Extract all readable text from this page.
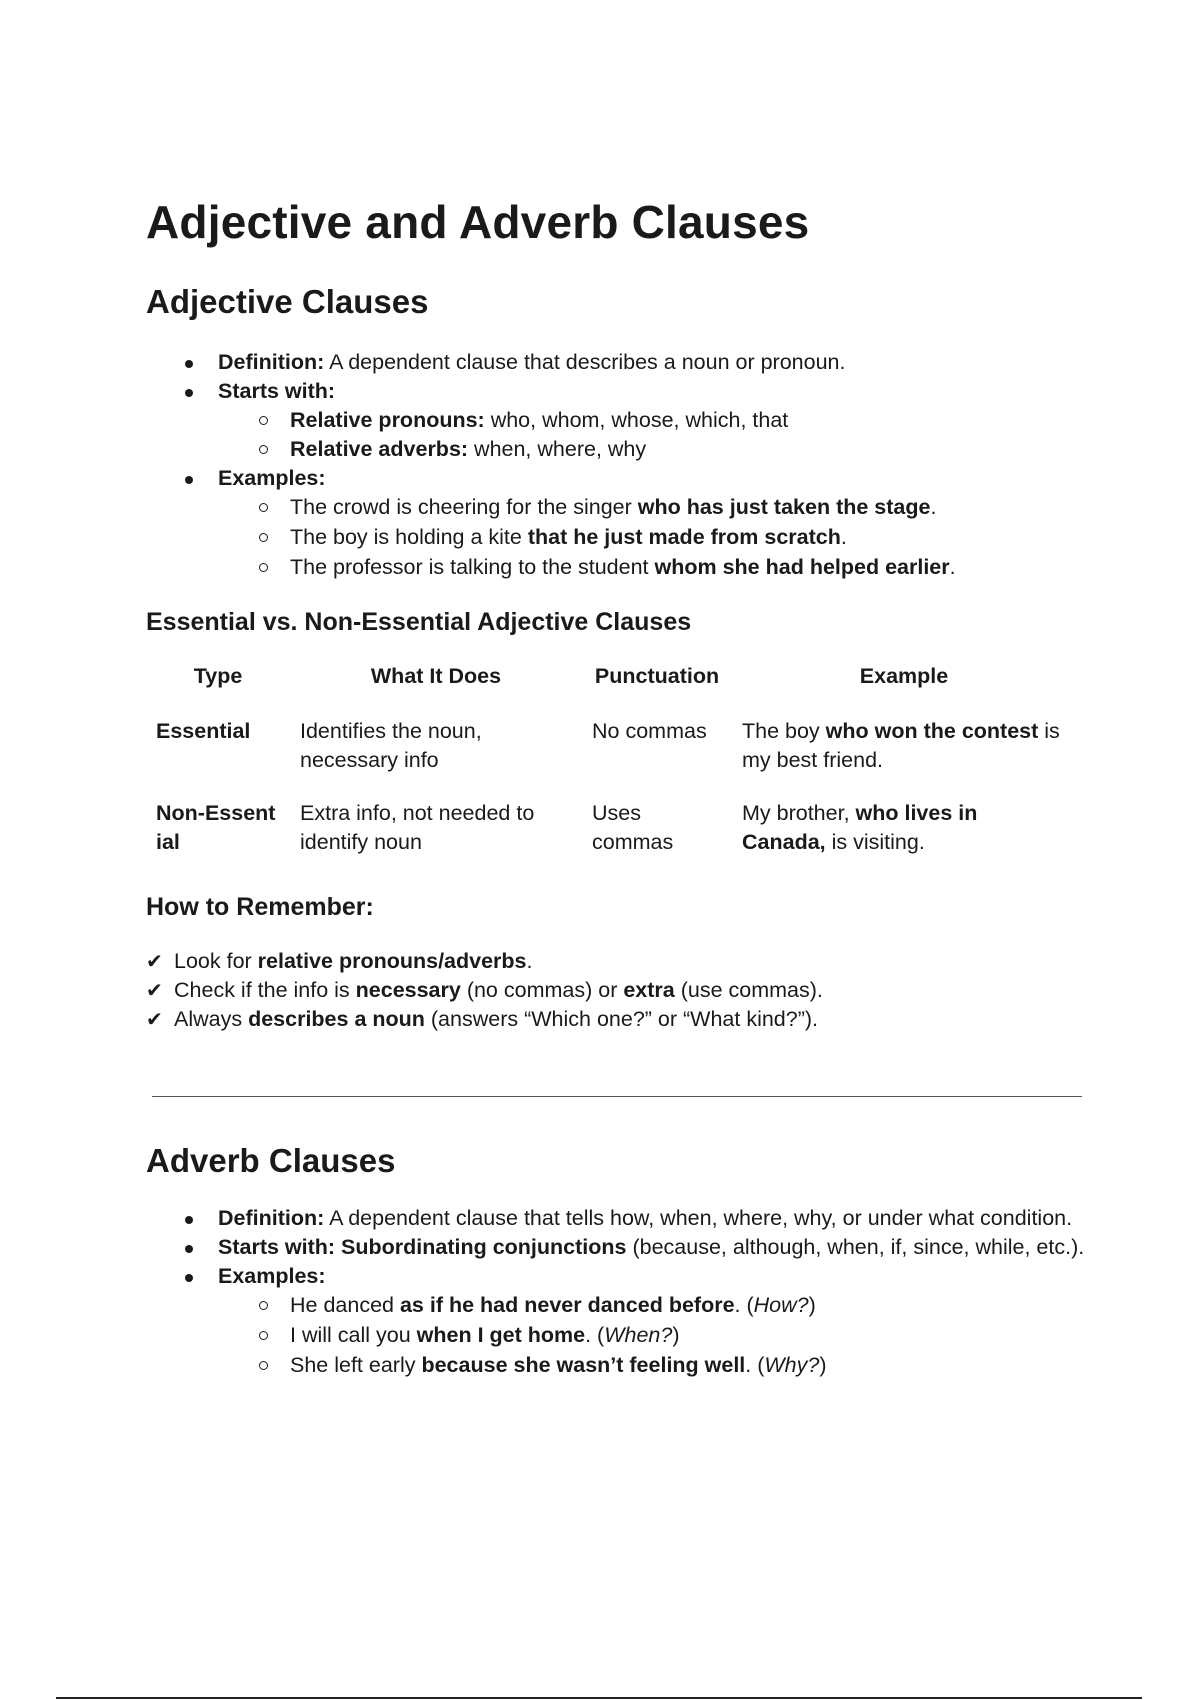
Adjective and Adverb Clauses
Adjective Clauses
Definition: A dependent clause that describes a noun or pronoun.
Starts with:
Relative pronouns: who, whom, whose, which, that
Relative adverbs: when, where, why
Examples:
The crowd is cheering for the singer who has just taken the stage.
The boy is holding a kite that he just made from scratch.
The professor is talking to the student whom she had helped earlier.
Essential vs. Non-Essential Adjective Clauses
Type	What It Does	Punctuation	Example
Essential	Identifies the noun, necessary info	No commas	The boy who won the contest is my best friend.
Non-Essential	Extra info, not needed to identify noun	Uses commas	My brother, who lives in Canada, is visiting.
How to Remember:
✔ Look for relative pronouns/adverbs.
✔ Check if the info is necessary (no commas) or extra (use commas).
✔ Always describes a noun (answers “Which one?” or “What kind?”).
Adverb Clauses
Definition: A dependent clause that tells how, when, where, why, or under what condition.
Starts with: Subordinating conjunctions (because, although, when, if, since, while, etc.).
Examples:
He danced as if he had never danced before. (How?)
I will call you when I get home. (When?)
She left early because she wasn’t feeling well. (Why?)
